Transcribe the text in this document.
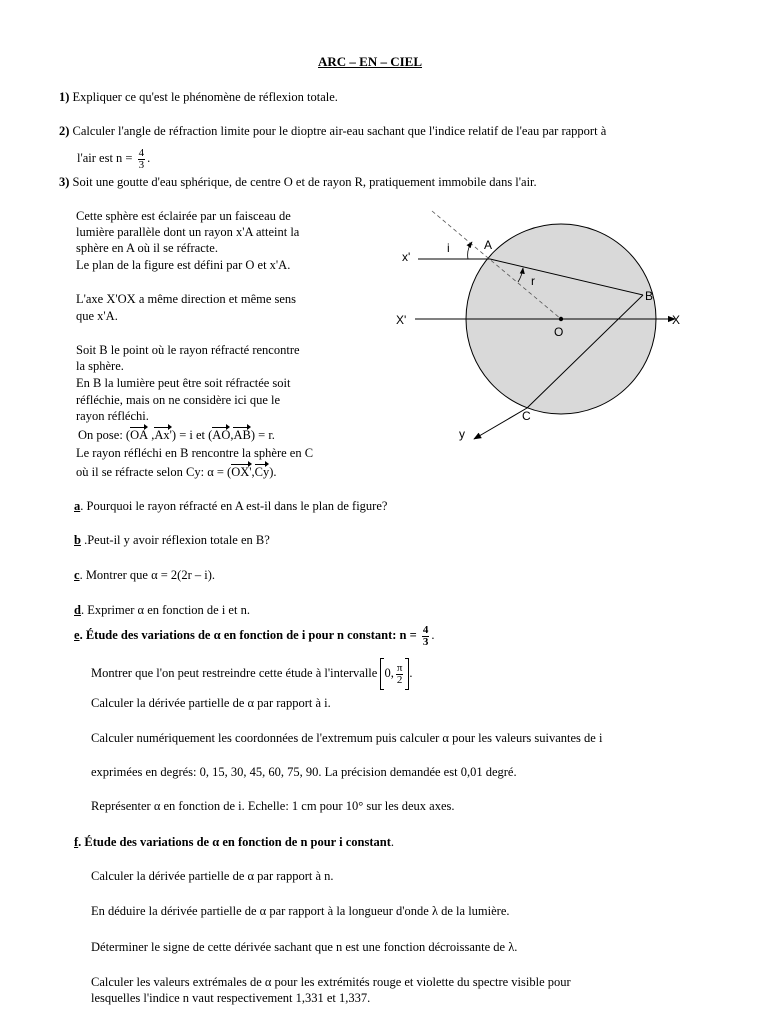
ARC – EN – CIEL
1) Expliquer ce qu'est le phénomène de réflexion totale.
2) Calculer l'angle de réfraction limite pour le dioptre air-eau sachant que l'indice relatif de l'eau par rapport à
l'air est $n = \frac{4}{3}$ .
3) Soit une goutte d'eau sphérique, de centre O et de rayon R, pratiquement immobile dans l'air.
Cette sphère est éclairée par un faisceau de
lumière parallèle dont un rayon x'A atteint la
sphère en A où il se réfracte.
Le plan de la figure est défini par O et x'A.
L'axe X'OX a même direction et même sens
que x'A.
Soit B le point où le rayon réfracté rencontre
la sphère.
En B la lumière peut être soit réfractée soit
réfléchie, mais on ne considère ici que le
rayon réfléchi.
On pose: (OA ,Ax') = i et (AO,AB) = r.
Le rayon réfléchi en B rencontre la sphère en C
où il se réfracte selon Cy: α = (OX',Cy).
x'
i	A
r
B
X'
O
X
C
y
a. Pourquoi le rayon réfracté en A est-il dans le plan de figure?
b .Peut-il y avoir réflexion totale en B?
c. Montrer que α = 2(2r – i).
d. Exprimer α en fonction de i et n.
e. Étude des variations de α en fonction de i pour n constant: $n = \frac{4}{3}$ .
Montrer que l'on peut restreindre cette étude à l'intervalle 0, $\frac{\pi}{2}$ .
Calculer la dérivée partielle de α par rapport à i.
Calculer numériquement les coordonnées de l'extremum puis calculer α pour les valeurs suivantes de i
exprimées en degrés: 0, 15, 30, 45, 60, 75, 90. La précision demandée est 0,01 degré.
Représenter α en fonction de i. Echelle: 1 cm pour 10° sur les deux axes.
f. Étude des variations de α en fonction de n pour i constant.
Calculer la dérivée partielle de α par rapport à n.
En déduire la dérivée partielle de α par rapport à la longueur d'onde λ de la lumière.
Déterminer le signe de cette dérivée sachant que n est une fonction décroissante de λ.
Calculer les valeurs extrémales de α pour les extrémités rouge et violette du spectre visible pour
lesquelles l'indice n vaut respectivement 1,331 et 1,337.
